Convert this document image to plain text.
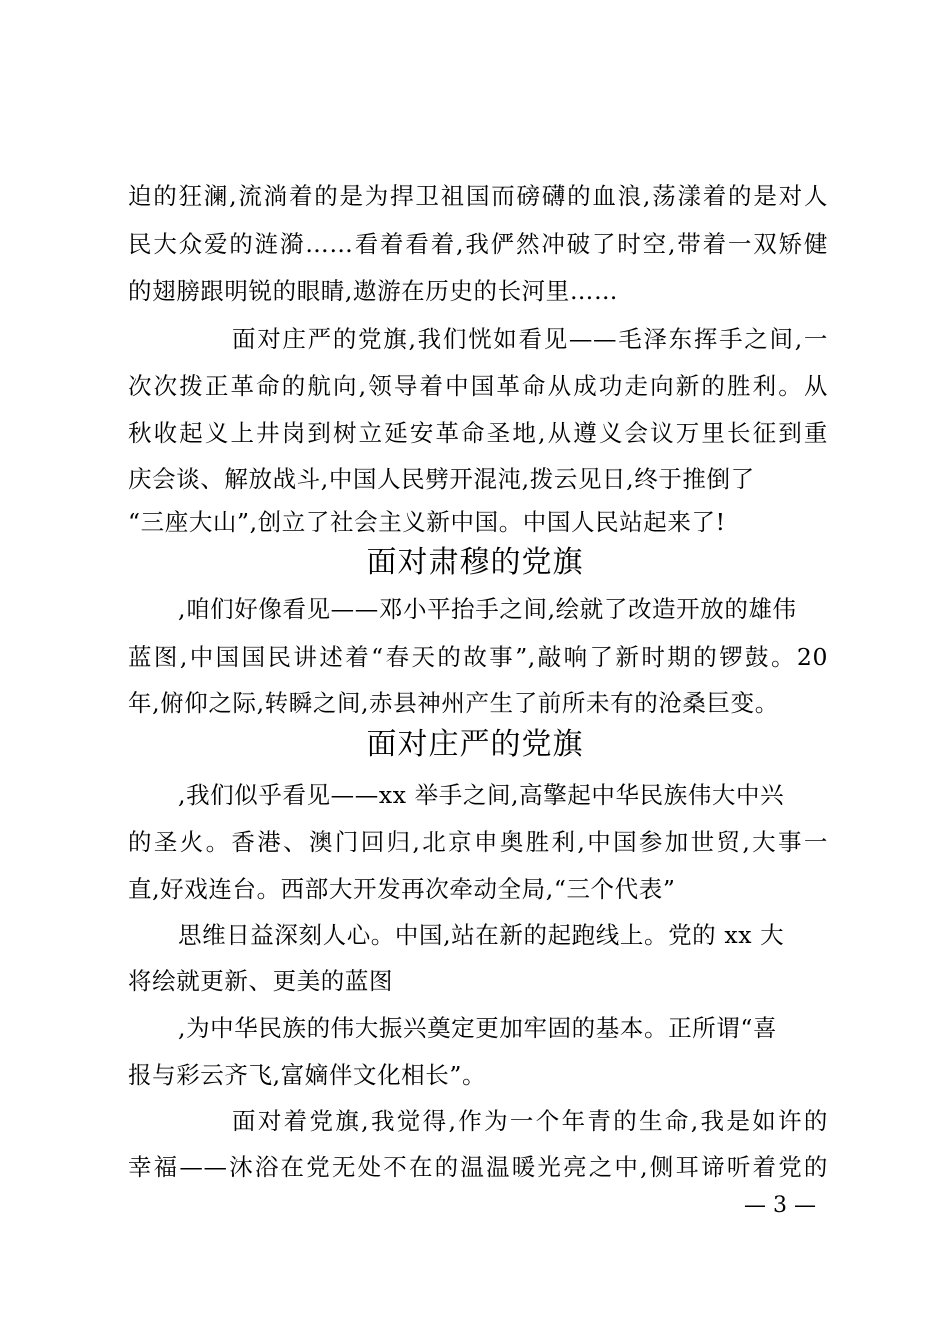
迫的狂澜,流淌着的是为捍卫祖国而磅礴的血浪,荡漾着的是对人
民大众爱的涟漪……看着看着,我俨然冲破了时空,带着一双矫健
的翅膀跟明锐的眼睛,遨游在历史的长河里……
面对庄严的党旗,我们恍如看见——毛泽东挥手之间,一
次次拨正革命的航向,领导着中国革命从成功走向新的胜利。从
秋收起义上井岗到树立延安革命圣地,从遵义会议万里长征到重
庆会谈、解放战斗,中国人民劈开混沌,拨云见日,终于推倒了
“三座大山”,创立了社会主义新中国。中国人民站起来了!
面对肃穆的党旗
,咱们好像看见——邓小平抬手之间,绘就了改造开放的雄伟
蓝图,中国国民讲述着“春天的故事”,敲响了新时期的锣鼓。20
年,俯仰之际,转瞬之间,赤县神州产生了前所未有的沧桑巨变。
面对庄严的党旗
,我们似乎看见——xx 举手之间,高擎起中华民族伟大中兴
的圣火。香港、澳门回归,北京申奥胜利,中国参加世贸,大事一
直,好戏连台。西部大开发再次牵动全局,“三个代表”
思维日益深刻人心。中国,站在新的起跑线上。党的 xx 大
将绘就更新、更美的蓝图
,为中华民族的伟大振兴奠定更加牢固的基本。正所谓“喜
报与彩云齐飞,富嫡伴文化相长”。
面对着党旗,我觉得,作为一个年青的生命,我是如许的
幸福——沐浴在党无处不在的温温暖光亮之中,侧耳谛听着党的
— 3 —
